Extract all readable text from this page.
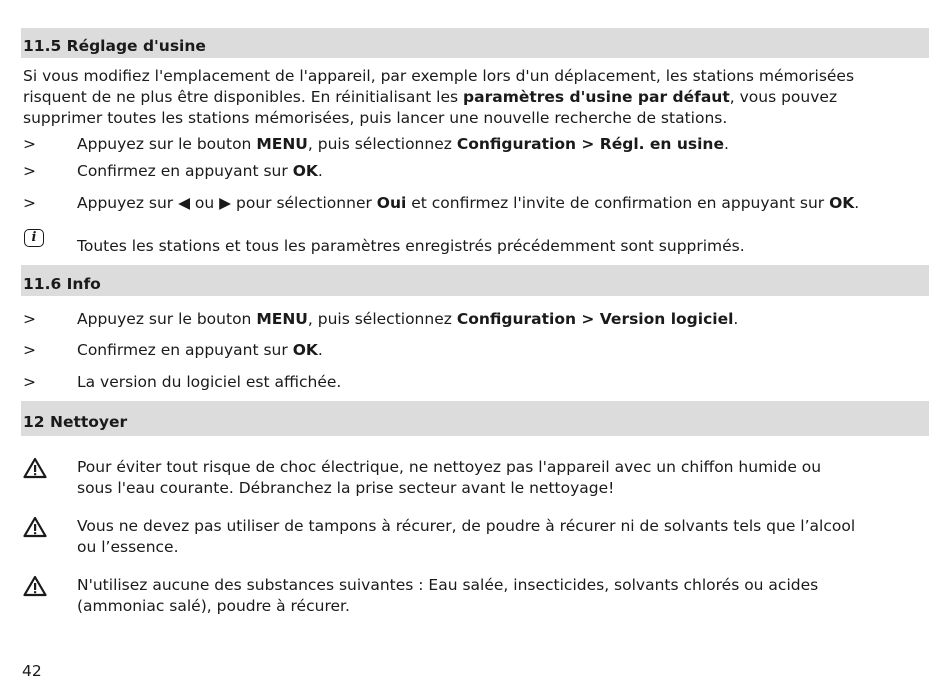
11.5 Réglage d'usine
Si vous modifiez l'emplacement de l'appareil, par exemple lors d'un déplacement, les stations mémorisées risquent de ne plus être disponibles. En réinitialisant les paramètres d'usine par défaut, vous pouvez supprimer toutes les stations mémorisées, puis lancer une nouvelle recherche de stations.
>	Appuyez sur le bouton MENU, puis sélectionnez Configuration > Régl. en usine.
>	Confirmez en appuyant sur OK.
>	Appuyez sur ◀ ou ▶ pour sélectionner Oui et confirmez l'invite de confirmation en appuyant sur OK.
i	Toutes les stations et tous les paramètres enregistrés précédemment sont supprimés.
11.6 Info
>	Appuyez sur le bouton MENU, puis sélectionnez Configuration > Version logiciel.
>	Confirmez en appuyant sur OK.
>	La version du logiciel est affichée.
12 Nettoyer
Pour éviter tout risque de choc électrique, ne nettoyez pas l'appareil avec un chiffon humide ou sous l'eau courante. Débranchez la prise secteur avant le nettoyage!
Vous ne devez pas utiliser de tampons à récurer, de poudre à récurer ni de solvants tels que l’alcool ou l’essence.
N'utilisez aucune des substances suivantes : Eau salée, insecticides, solvants chlorés ou acides (ammoniac salé), poudre à récurer.
42
